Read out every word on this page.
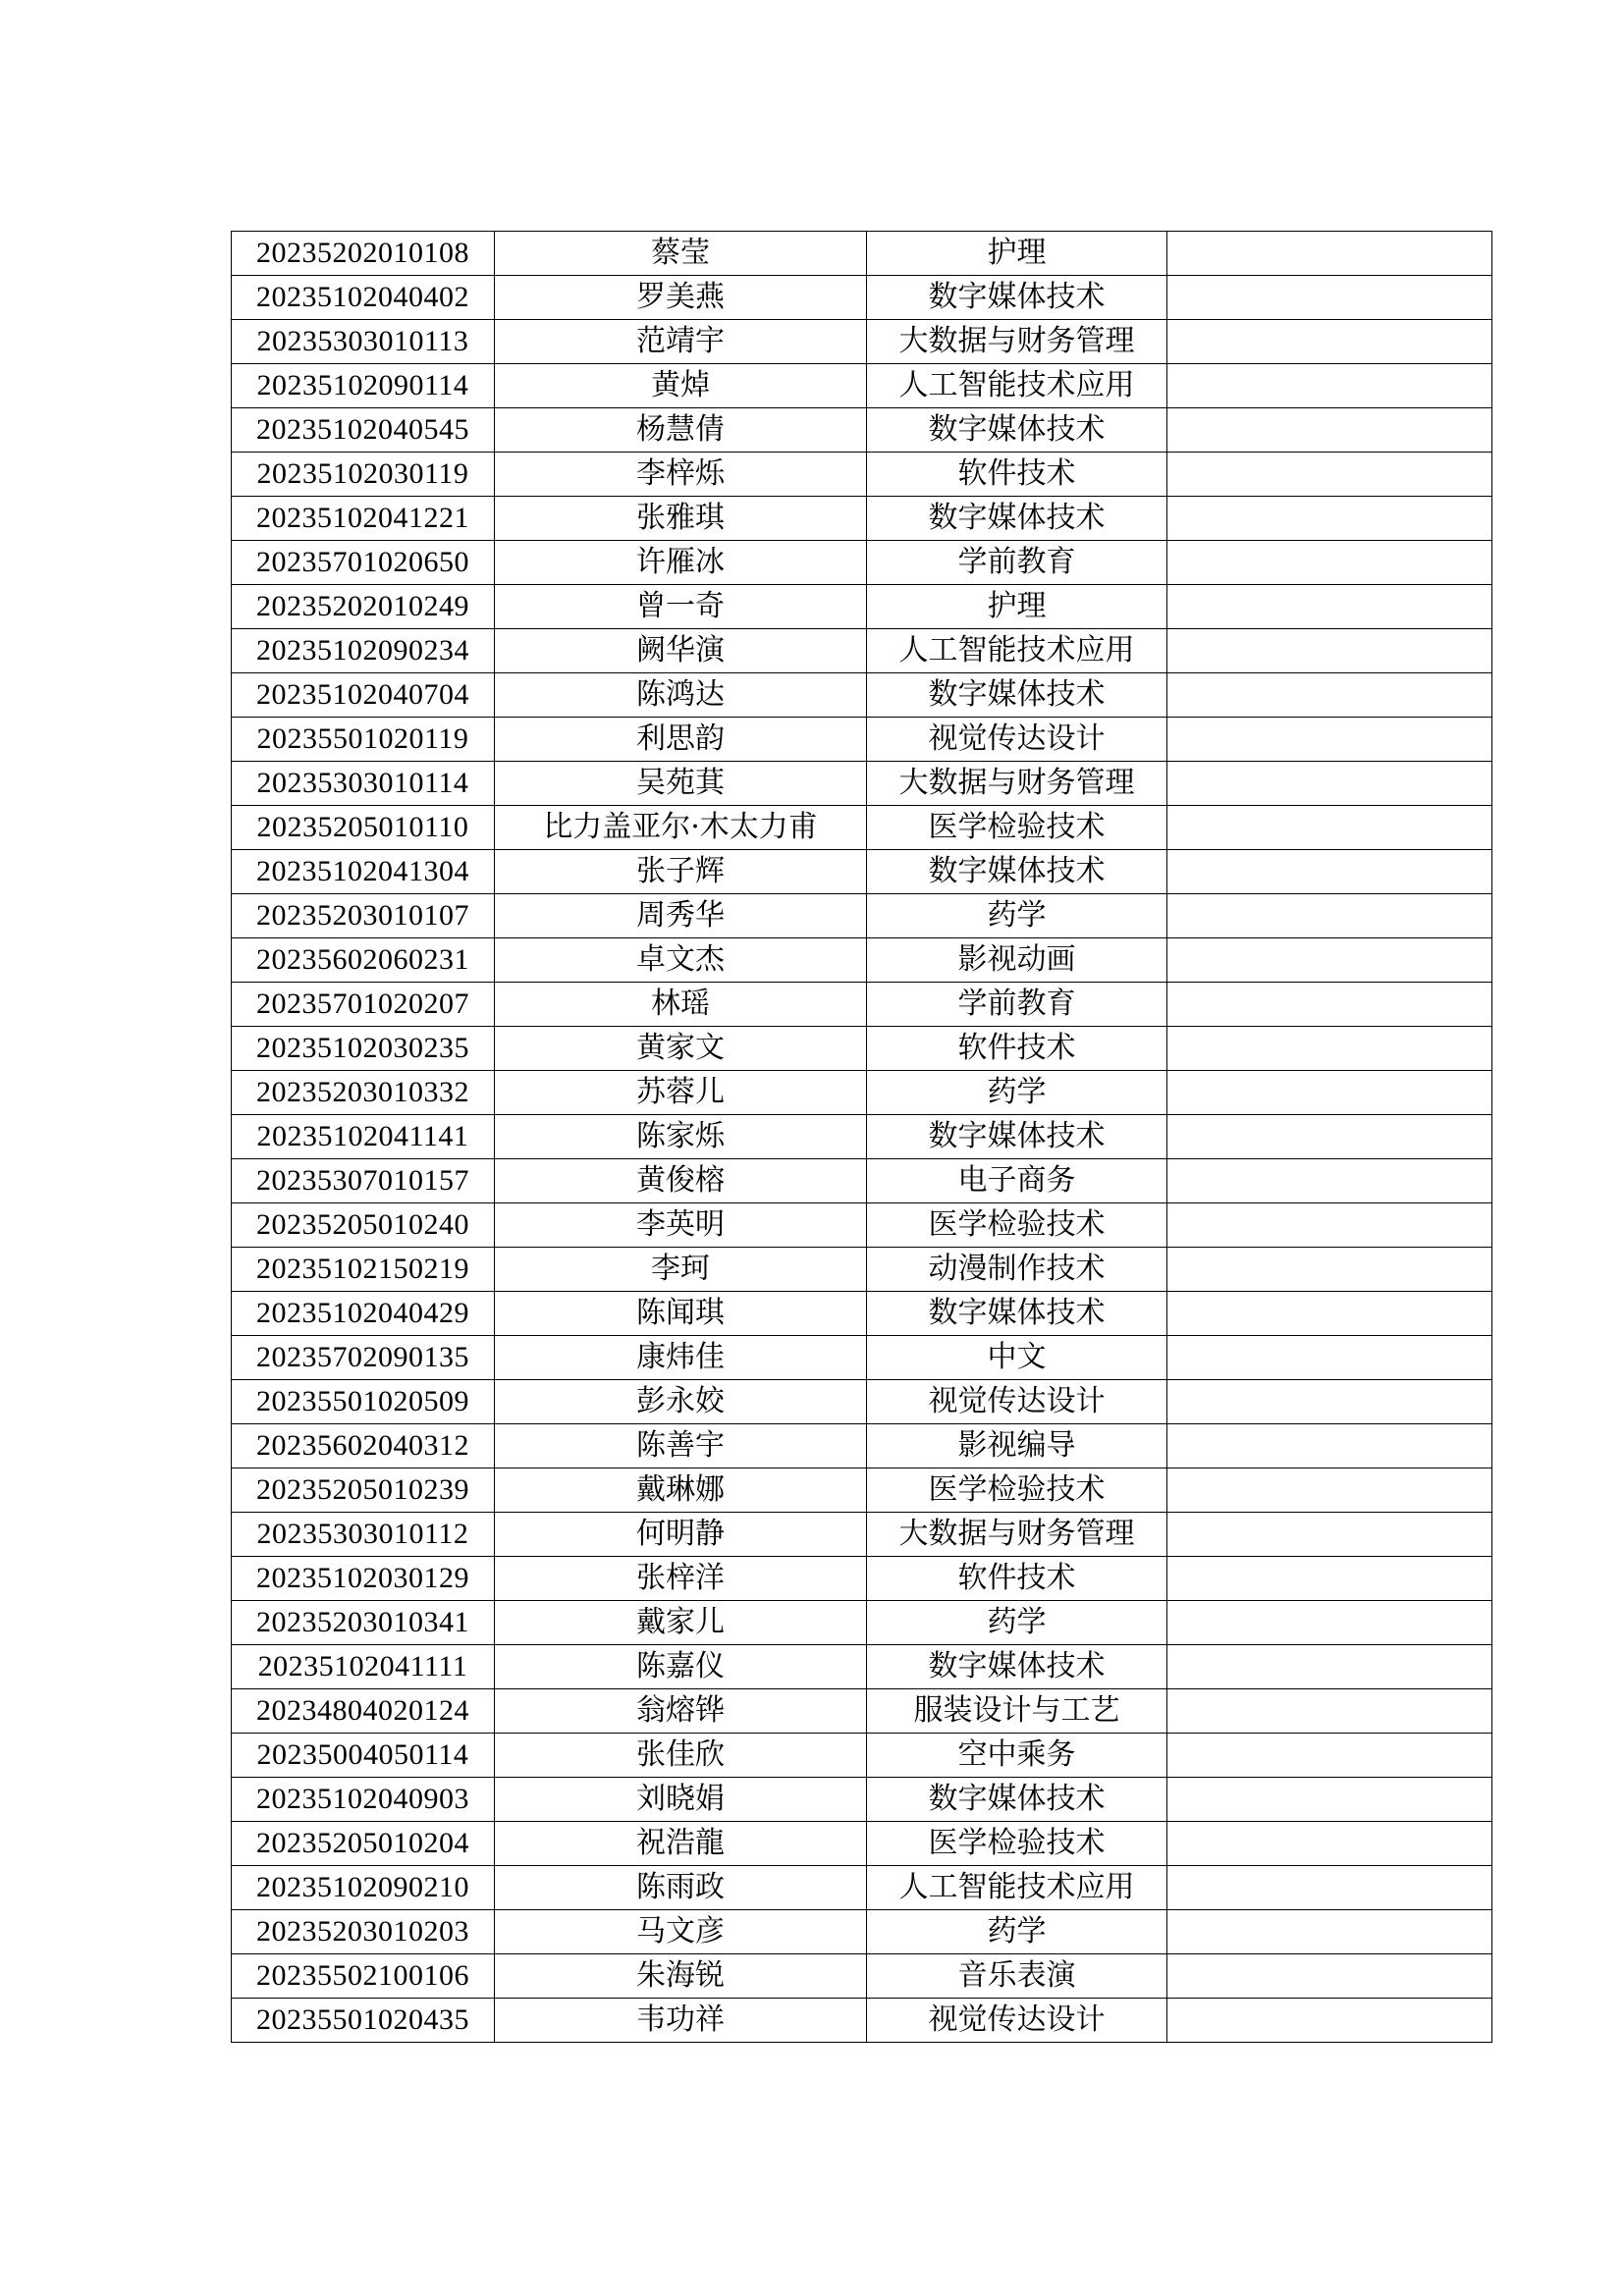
20235202010108	蔡莹	护理	
20235102040402	罗美燕	数字媒体技术	
20235303010113	范靖宇	大数据与财务管理	
20235102090114	黄焯	人工智能技术应用	
20235102040545	杨慧倩	数字媒体技术	
20235102030119	李梓烁	软件技术	
20235102041221	张雅琪	数字媒体技术	
20235701020650	许雁冰	学前教育	
20235202010249	曾一奇	护理	
20235102090234	阙华演	人工智能技术应用	
20235102040704	陈鸿达	数字媒体技术	
20235501020119	利思韵	视觉传达设计	
20235303010114	吴苑萁	大数据与财务管理	
20235205010110	比力盖亚尔·木太力甫	医学检验技术	
20235102041304	张子辉	数字媒体技术	
20235203010107	周秀华	药学	
20235602060231	卓文杰	影视动画	
20235701020207	林瑶	学前教育	
20235102030235	黄家文	软件技术	
20235203010332	苏蓉儿	药学	
20235102041141	陈家烁	数字媒体技术	
20235307010157	黄俊榕	电子商务	
20235205010240	李英明	医学检验技术	
20235102150219	李珂	动漫制作技术	
20235102040429	陈闻琪	数字媒体技术	
20235702090135	康炜佳	中文	
20235501020509	彭永姣	视觉传达设计	
20235602040312	陈善宇	影视编导	
20235205010239	戴琳娜	医学检验技术	
20235303010112	何明静	大数据与财务管理	
20235102030129	张梓洋	软件技术	
20235203010341	戴家儿	药学	
20235102041111	陈嘉仪	数字媒体技术	
20234804020124	翁熔铧	服装设计与工艺	
20235004050114	张佳欣	空中乘务	
20235102040903	刘晓娟	数字媒体技术	
20235205010204	祝浩龍	医学检验技术	
20235102090210	陈雨政	人工智能技术应用	
20235203010203	马文彦	药学	
20235502100106	朱海锐	音乐表演	
20235501020435	韦功祥	视觉传达设计	
